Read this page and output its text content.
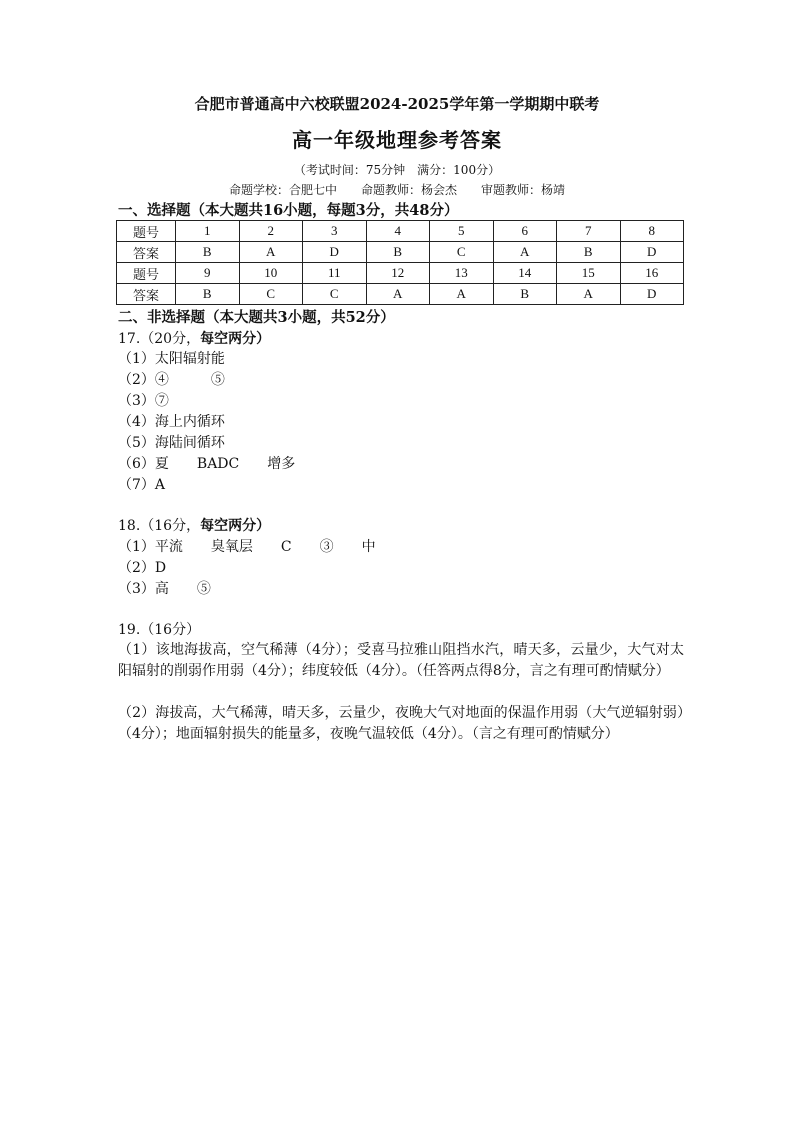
合肥市普通高中六校联盟2024-2025学年第一学期期中联考
高一年级地理参考答案
（考试时间：75分钟　满分：100分）
命题学校：合肥七中　　命题教师：杨会杰　　审题教师：杨靖
一、选择题（本大题共16小题，每题3分，共48分）
题号	1	2	3	4	5	6	7	8
答案	B	A	D	B	C	A	B	D
题号	9	10	11	12	13	14	15	16
答案	B	C	C	A	A	B	A	D
二、非选择题（本大题共3小题，共52分）
17.（20分，每空两分）
（1）太阳辐射能
（2）④　　　⑤
（3）⑦
（4）海上内循环
（5）海陆间循环
（6）夏　　BADC　　增多
（7）A
18.（16分，每空两分）
（1）平流　　臭氧层　　C　　③　　中
（2）D
（3）高　　⑤
19.（16分）
（1）该地海拔高，空气稀薄（4分）；受喜马拉雅山阻挡水汽，晴天多，云量少，大气对太阳辐射的削弱作用弱（4分）；纬度较低（4分）。（任答两点得8分，言之有理可酌情赋分）
（2）海拔高，大气稀薄，晴天多，云量少，夜晚大气对地面的保温作用弱（大气逆辐射弱）（4分）；地面辐射损失的能量多，夜晚气温较低（4分）。（言之有理可酌情赋分）
